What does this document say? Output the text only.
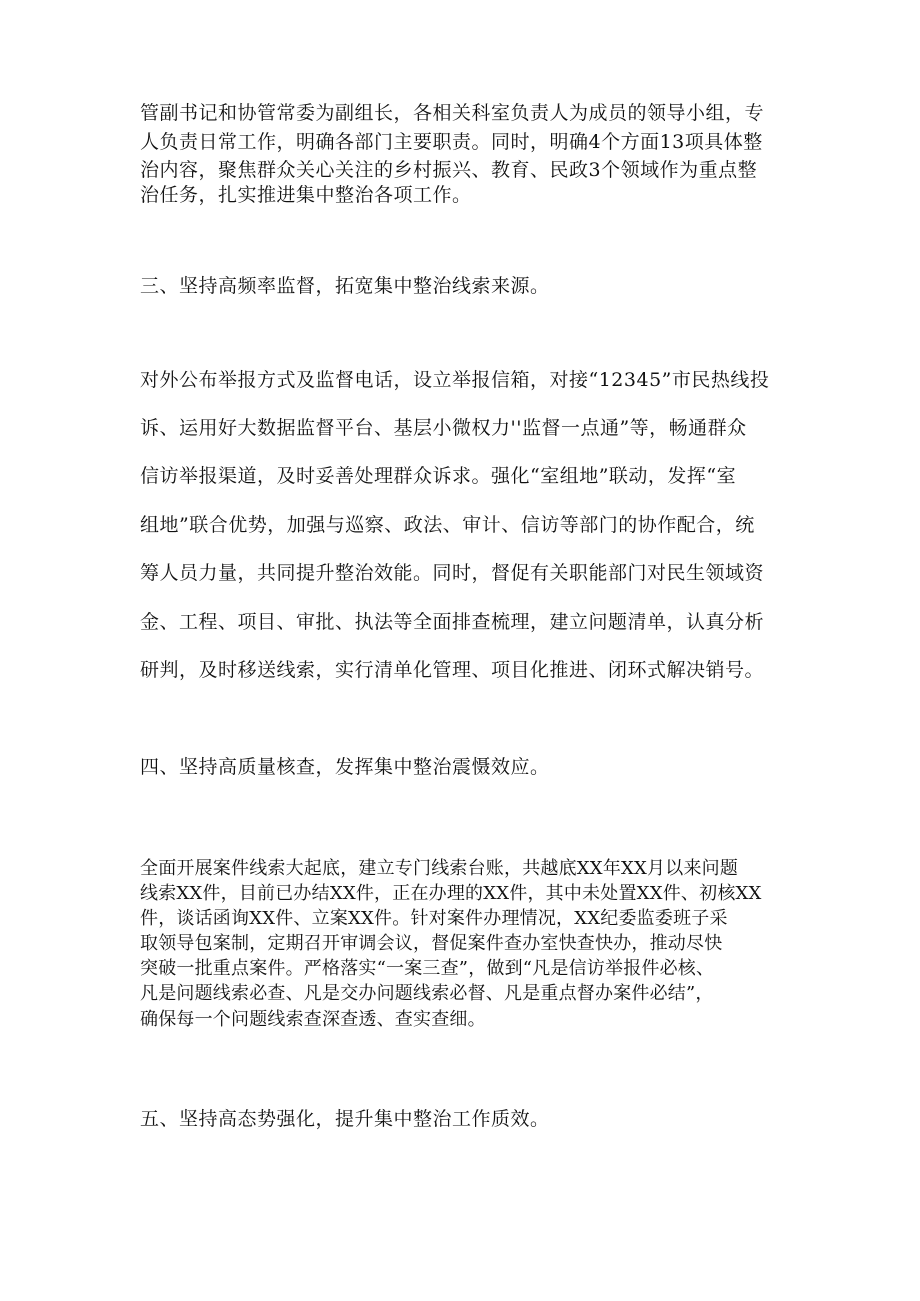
管副书记和协管常委为副组长，各相关科室负责人为成员的领导小组，专
人负责日常工作，明确各部门主要职责。同时，明确4个方面13项具体整
治内容，聚焦群众关心关注的乡村振兴、教育、民政3个领域作为重点整
治任务，扎实推进集中整治各项工作。
三、坚持高频率监督，拓宽集中整治线索来源。
对外公布举报方式及监督电话，设立举报信箱，对接“12345”市民热线投
诉、运用好大数据监督平台、基层小微权力''监督一点通”等，畅通群众
信访举报渠道，及时妥善处理群众诉求。强化“室组地”联动，发挥“室
组地”联合优势，加强与巡察、政法、审计、信访等部门的协作配合，统
筹人员力量，共同提升整治效能。同时，督促有关职能部门对民生领域资
金、工程、项目、审批、执法等全面排查梳理，建立问题清单，认真分析
研判，及时移送线索，实行清单化管理、项目化推进、闭环式解决销号。
四、坚持高质量核查，发挥集中整治震慑效应。
全面开展案件线索大起底，建立专门线索台账，共越底XX年XX月以来问题
线索XX件，目前已办结XX件，正在办理的XX件，其中未处置XX件、初核XX
件，谈话函询XX件、立案XX件。针对案件办理情况，XX纪委监委班子采
取领导包案制，定期召开审调会议，督促案件查办室快查快办，推动尽快
突破一批重点案件。严格落实“一案三查”，做到“凡是信访举报件必核、
凡是问题线索必查、凡是交办问题线索必督、凡是重点督办案件必结”，
确保每一个问题线索查深查透、查实查细。
五、坚持高态势强化，提升集中整治工作质效。
